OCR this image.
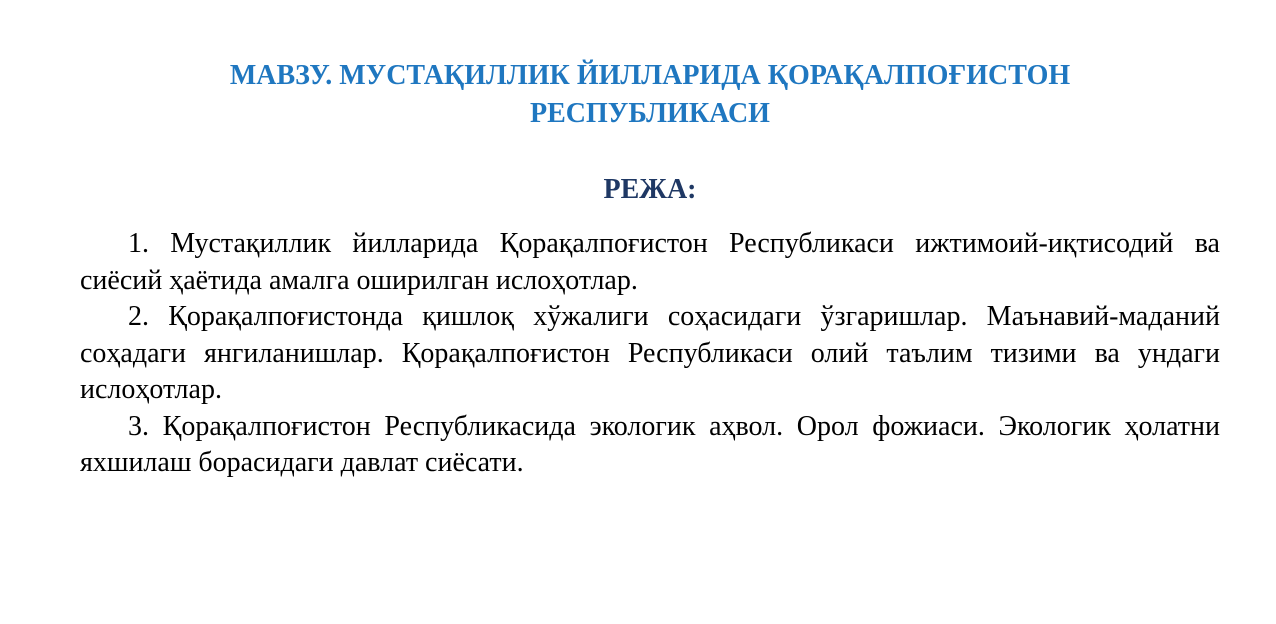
МАВЗУ. МУСТАҚИЛЛИК ЙИЛЛАРИДА ҚОРАҚАЛПОҒИСТОН
РЕСПУБЛИКАСИ
РЕЖА:
1. Мустақиллик йилларида Қорақалпоғистон Республикаси ижтимоий-иқтисодий ва сиёсий ҳаётида амалга оширилган ислоҳотлар.
2. Қорақалпоғистонда қишлоқ хўжалиги соҳасидаги ўзгаришлар. Маънавий-маданий соҳадаги янгиланишлар. Қорақалпоғистон Республикаси олий таълим тизими ва ундаги ислоҳотлар.
3. Қорақалпоғистон Республикасида экологик аҳвол. Орол фожиаси. Экологик ҳолатни яхшилаш борасидаги давлат сиёсати.
